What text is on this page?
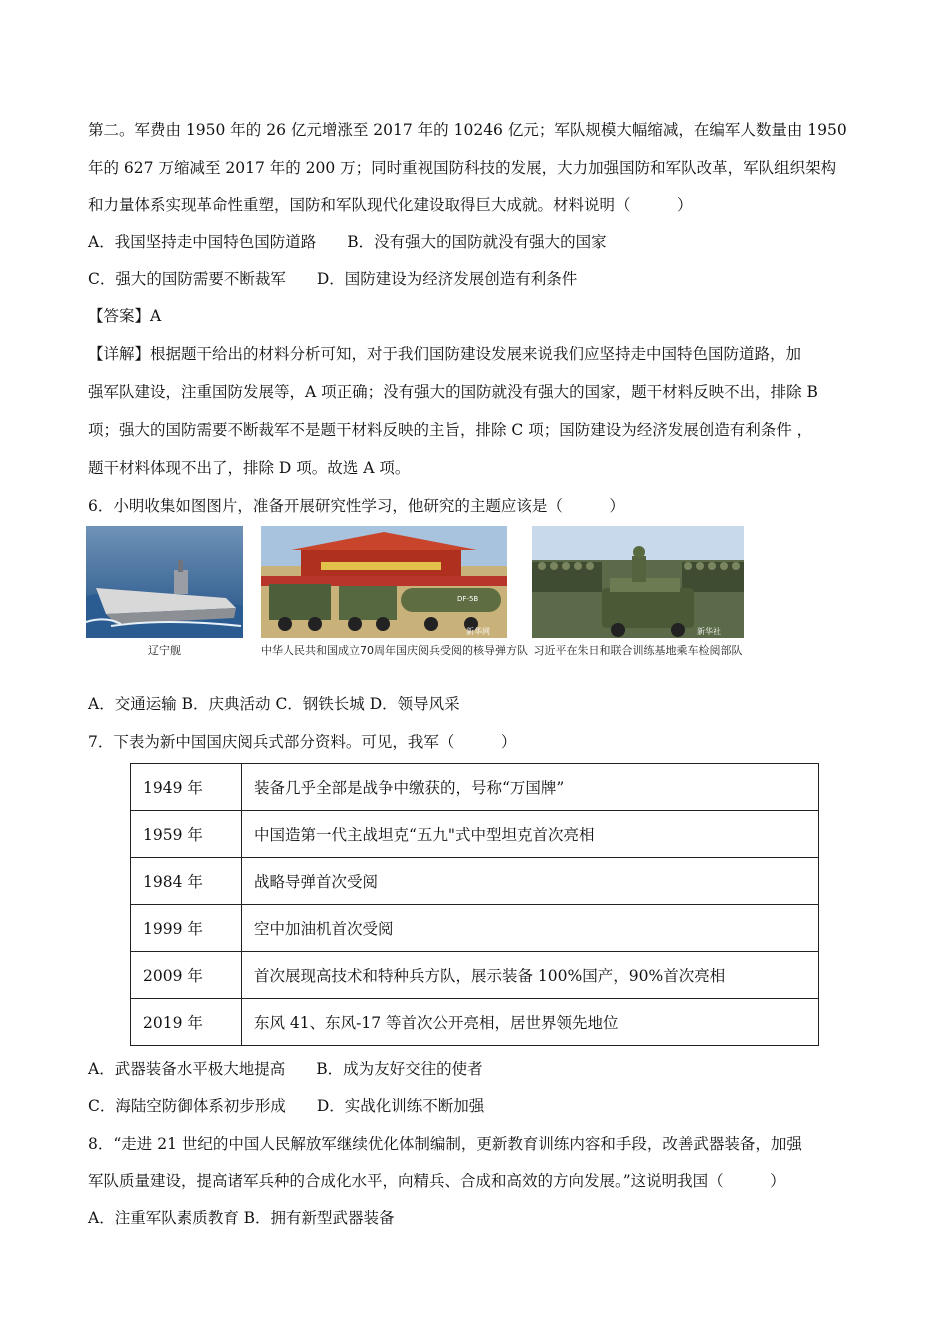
第二。军费由 1950 年的 26 亿元增涨至 2017 年的 10246 亿元；军队规模大幅缩减，在编军人数量由 1950
年的 627 万缩减至 2017 年的 200 万；同时重视国防科技的发展，大力加强国防和军队改革，军队组织架构
和力量体系实现革命性重塑，国防和军队现代化建设取得巨大成就。材料说明（　　　）
A．我国坚持走中国特色国防道路　　B．没有强大的国防就没有强大的国家
C．强大的国防需要不断裁军　　D．国防建设为经济发展创造有利条件
【答案】A
【详解】根据题干给出的材料分析可知，对于我们国防建设发展来说我们应坚持走中国特色国防道路，加
强军队建设，注重国防发展等，A 项正确；没有强大的国防就没有强大的国家，题干材料反映不出，排除 B
项；强大的国防需要不断裁军不是题干材料反映的主旨，排除 C 项；国防建设为经济发展创造有利条件 ，
题干材料体现不出了，排除 D 项。故选 A 项。
6．小明收集如图图片，准备开展研究性学习，他研究的主题应该是（　　　）
辽宁舰
DF-5B
新华网
中华人民共和国成立70周年国庆阅兵受阅的核导弹方队
新华社
习近平在朱日和联合训练基地乘车检阅部队
A．交通运输 B．庆典活动 C．钢铁长城 D．领导风采
7．下表为新中国国庆阅兵式部分资料。可见，我军（　　　）
1949 年	装备几乎全部是战争中缴获的，号称“万国牌”
1959 年	中国造第一代主战坦克“五九"式中型坦克首次亮相
1984 年	战略导弹首次受阅
1999 年	空中加油机首次受阅
2009 年	首次展现高技术和特种兵方队，展示装备 100%国产，90%首次亮相
2019 年	东风 41、东风-17 等首次公开亮相，居世界领先地位
A．武器装备水平极大地提高　　B．成为友好交往的使者
C．海陆空防御体系初步形成　　D．实战化训练不断加强
8．“走进 21 世纪的中国人民解放军继续优化体制编制，更新教育训练内容和手段，改善武器装备，加强
军队质量建设，提高诸军兵种的合成化水平，向精兵、合成和高效的方向发展。”这说明我国（　　　）
A．注重军队素质教育 B．拥有新型武器装备
